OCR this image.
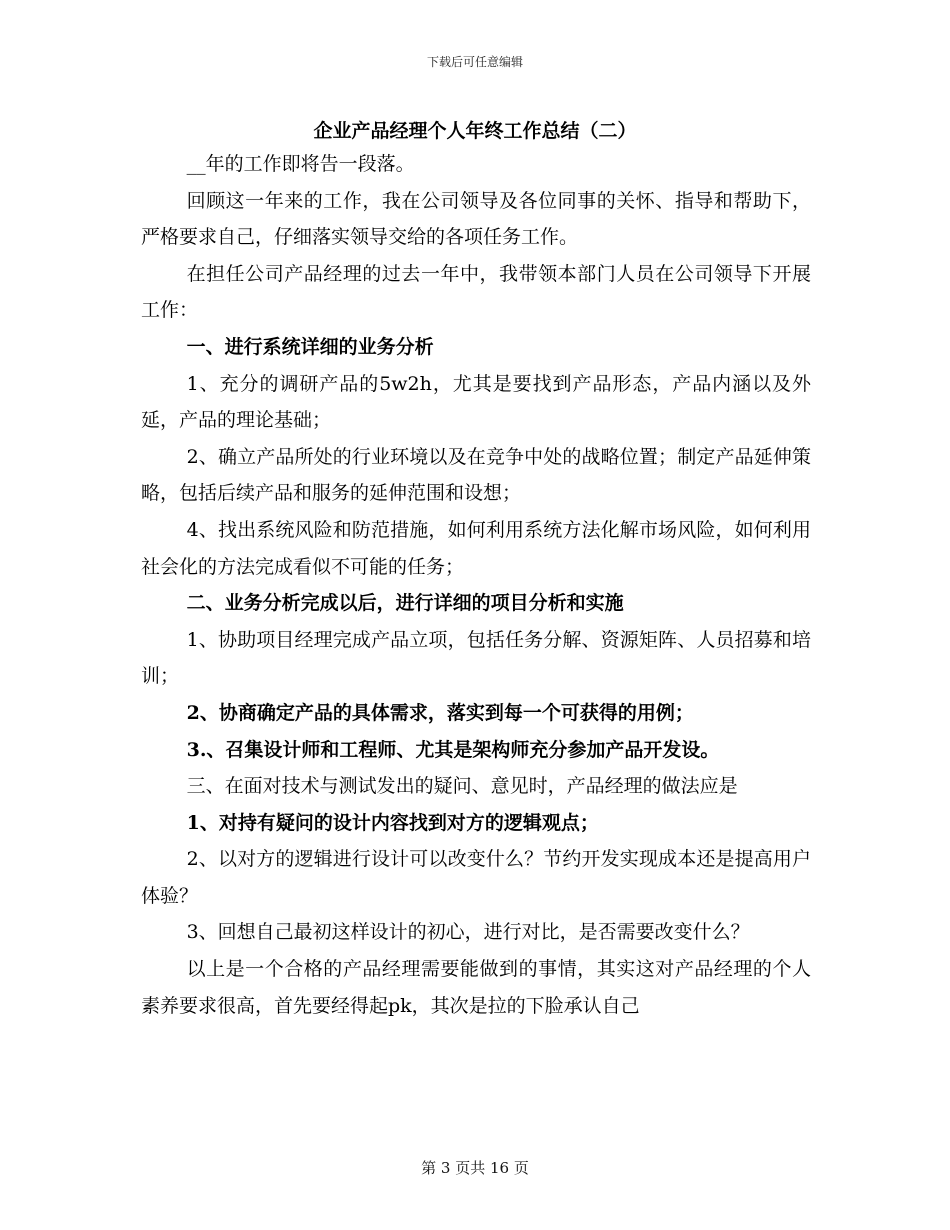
下载后可任意编辑
企业产品经理个人年终工作总结（二）

__年的工作即将告一段落。

回顾这一年来的工作，我在公司领导及各位同事的关怀、指导和帮助下，严格要求自己，仔细落实领导交给的各项任务工作。

在担任公司产品经理的过去一年中，我带领本部门人员在公司领导下开展工作：

一、进行系统详细的业务分析

1、充分的调研产品的5w2h，尤其是要找到产品形态，产品内涵以及外延，产品的理论基础；

2、确立产品所处的行业环境以及在竞争中处的战略位置；制定产品延伸策略，包括后续产品和服务的延伸范围和设想；

4、找出系统风险和防范措施，如何利用系统方法化解市场风险，如何利用社会化的方法完成看似不可能的任务；

二、业务分析完成以后，进行详细的项目分析和实施

1、协助项目经理完成产品立项，包括任务分解、资源矩阵、人员招募和培训；

2、协商确定产品的具体需求，落实到每一个可获得的用例；

3.、召集设计师和工程师、尤其是架构师充分参加产品开发设。

三、在面对技术与测试发出的疑问、意见时，产品经理的做法应是

1、对持有疑问的设计内容找到对方的逻辑观点；

2、以对方的逻辑进行设计可以改变什么？节约开发实现成本还是提高用户体验？

3、回想自己最初这样设计的初心，进行对比，是否需要改变什么？

以上是一个合格的产品经理需要能做到的事情，其实这对产品经理的个人素养要求很高，首先要经得起pk，其次是拉的下脸承认自己

第 3 页共 16 页
